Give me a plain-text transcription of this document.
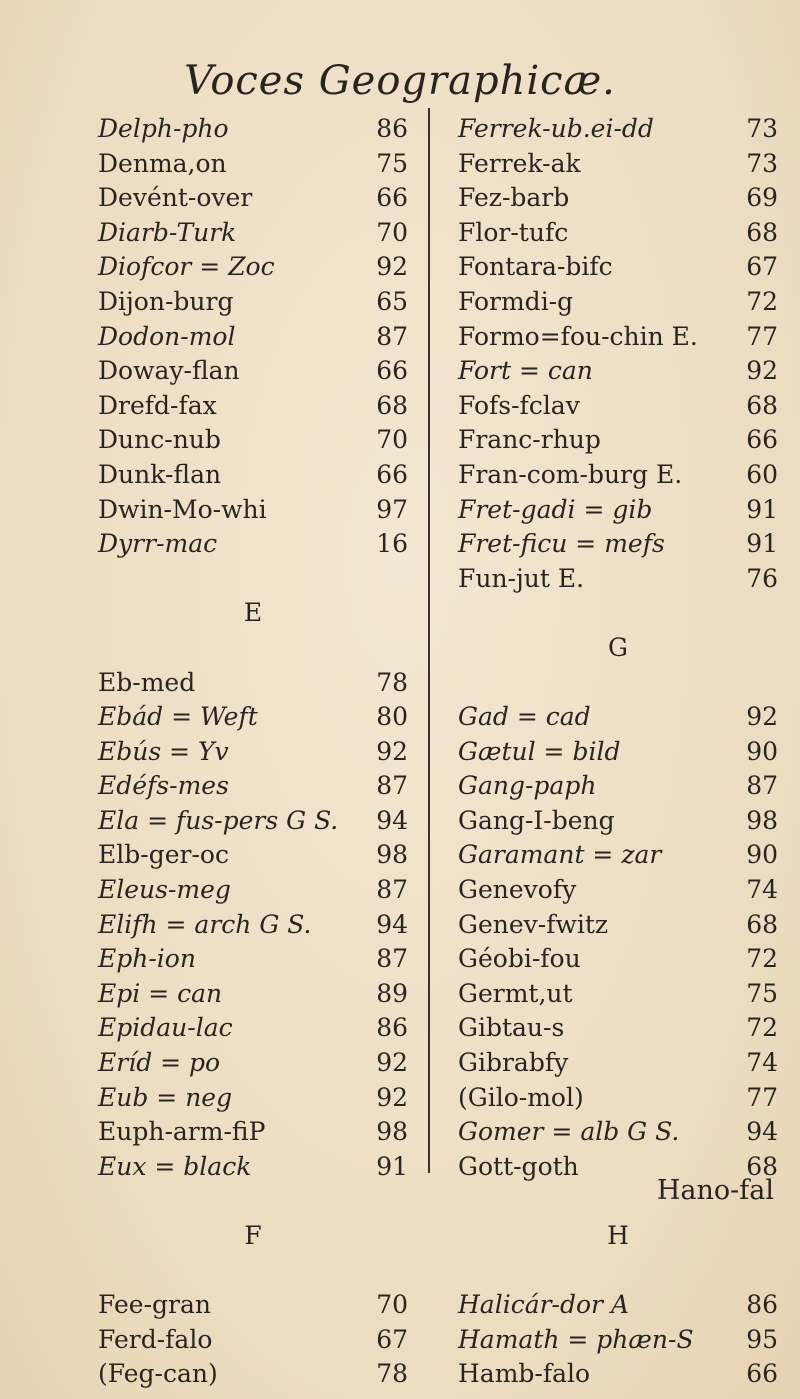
Voces Geographicæ.
Delph-pho	86
Denma,on	75
Devént-over	66
Diarb-Turk	70
Diofcor = Zoc	92
Dijon-burg	65
Dodon-mol	87
Doway-flan	66
Drefd-fax	68
Dunc-nub	70
Dunk-flan	66
Dwin-Mo-whi	97
Dyrr-mac	16
E
Eb-med	78
Ebád = Weft	80
Ebús = Yv	92
Edéfs-mes	87
Ela = fus-pers G S. 94
Elb-ger-oc	98
Eleus-meg	87
Elifh = arch G S.	94
Eph-ion	87
Epi = can	89
Epidau-lac	86
Eríd = po	92
Eub = neg	92
Euph-arm-fiP	98
Eux = black	91
F
Fee-gran	70
Ferd-falo	67
(Feg-can)	78
Ferrek-ub.ei-dd	73
Ferrek-ak	73
Fez-barb	69
Flor-tufc	68
Fontara-bifc	67
Formdi-g	72
Formo=fou-chin E. 77
Fort = can	92
Fofs-fclav	68
Franc-rhup	66
Fran-com-burg E.	60
Fret-gadi = gib	91
Fret-ficu = mefs	91
Fun-jut E.	76
G
Gad = cad	92
Gætul = bild	90
Gang-paph	87
Gang-I-beng	98
Garamant = zar	90
Genevofy	74
Genev-fwitz	68
Géobi-fou	72
Germt,ut	75
Gibtau-s	72
Gibrabfy	74
(Gilo-mol)	77
Gomer = alb G S.	94
Gott-goth	68
H
Halicár-dor A	86
Hamath = phæn-S 95
Hamb-falo	66
Hano-fal
